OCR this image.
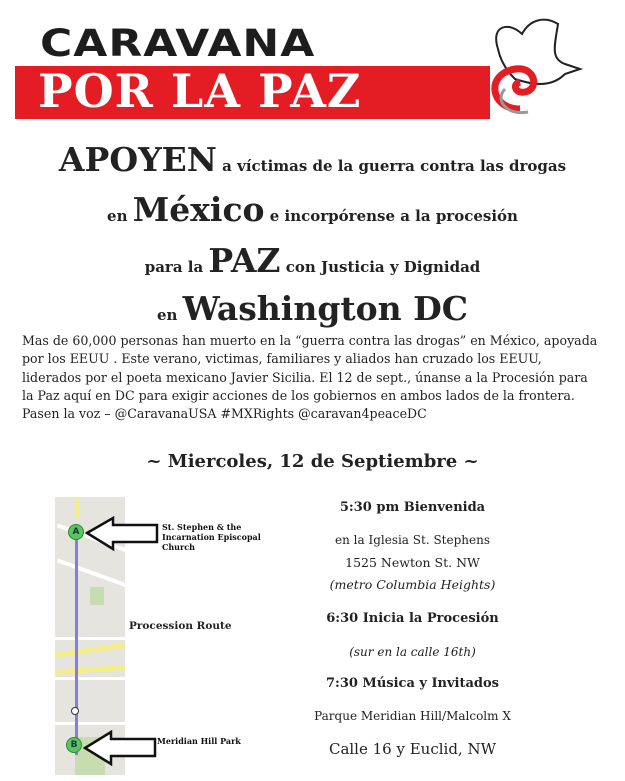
CARAVANA
POR LA PAZ
APOYEN a víctimas de la guerra contra las drogas
en México e incorpórense a la procesión
para la PAZ con Justicia y Dignidad
en Washington DC
Mas de 60,000 personas han muerto en la “guerra contra las drogas” en México, apoyada por los EEUU . Este verano, victimas, familiares y aliados han cruzado los EEUU, liderados por el poeta mexicano Javier Sicilia. El 12 de sept., únanse a la Procesión para la Paz aquí en DC para exigir acciones de los gobiernos en ambos lados de la frontera. Pasen la voz – @CaravanaUSA #MXRights @caravan4peaceDC
~ Miercoles, 12 de Septiembre ~
A
B
St. Stephen & the Incarnation Episcopal Church
Procession Route
Meridian Hill Park
5:30 pm Bienvenida
en la Iglesia St. Stephens
1525 Newton St. NW
(metro Columbia Heights)
6:30 Inicia la Procesión
(sur en la calle 16th)
7:30 Música y Invitados
Parque Meridian Hill/Malcolm X
Calle 16 y Euclid, NW
